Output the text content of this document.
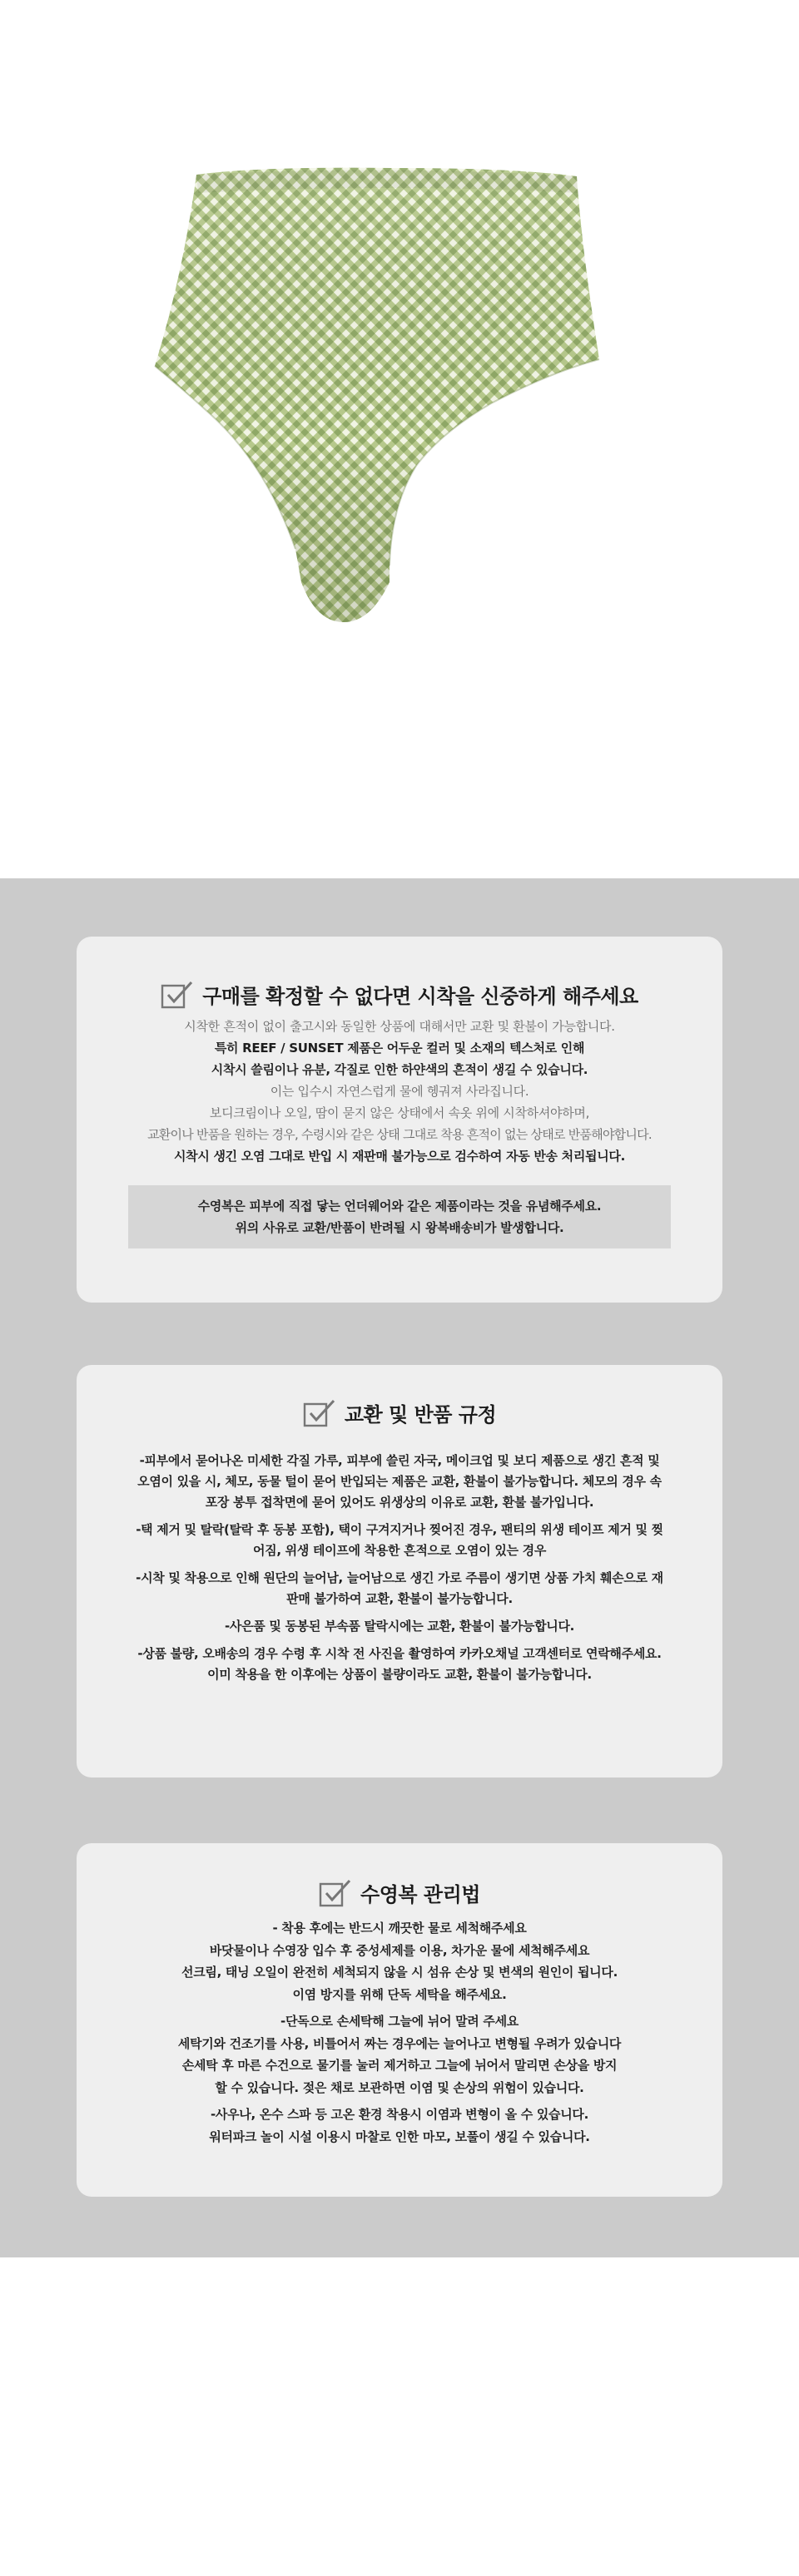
구매를 확정할 수 없다면 시착을 신중하게 해주세요
시착한 흔적이 없이 출고시와 동일한 상품에 대해서만 교환 및 환불이 가능합니다.
특히 REEF / SUNSET 제품은 어두운 컬러 및 소재의 텍스처로 인해
시착시 쓸림이나 유분, 각질로 인한 하얀색의 흔적이 생길 수 있습니다.
이는 입수시 자연스럽게 물에 헹궈져 사라집니다.
보디크림이나 오일, 땀이 묻지 않은 상태에서 속옷 위에 시착하셔야하며,
교환이나 반품을 원하는 경우, 수령시와 같은 상태 그대로 착용 흔적이 없는 상태로 반품해야합니다.
시착시 생긴 오염 그대로 반입 시 재판매 불가능으로 검수하여 자동 반송 처리됩니다.
수영복은 피부에 직접 닿는 언더웨어와 같은 제품이라는 것을 유념해주세요.
위의 사유로 교환/반품이 반려될 시 왕복배송비가 발생합니다.
교환 및 반품 규정
-피부에서 묻어나온 미세한 각질 가루, 피부에 쓸린 자국, 메이크업 및 보디 제품으로 생긴 흔적 및 오염이 있을 시, 체모, 동물 털이 묻어 반입되는 제품은 교환, 환불이 불가능합니다. 체모의 경우 속 포장 봉투 접착면에 묻어 있어도 위생상의 이유로 교환, 환불 불가입니다.
-택 제거 및 탈락(탈락 후 동봉 포함), 택이 구겨지거나 찢어진 경우, 팬티의 위생 테이프 제거 및 찢어짐, 위생 테이프에 착용한 흔적으로 오염이 있는 경우
-시착 및 착용으로 인해 원단의 늘어남, 늘어남으로 생긴 가로 주름이 생기면 상품 가치 훼손으로 재판매 불가하여 교환, 환불이 불가능합니다.
-사은품 및 동봉된 부속품 탈락시에는 교환, 환불이 불가능합니다.
-상품 불량, 오배송의 경우 수령 후 시착 전 사진을 촬영하여 카카오채널 고객센터로 연락해주세요. 이미 착용을 한 이후에는 상품이 불량이라도 교환, 환불이 불가능합니다.
수영복 관리법
- 착용 후에는 반드시 깨끗한 물로 세척해주세요
바닷물이나 수영장 입수 후 중성세제를 이용, 차가운 물에 세척해주세요
선크림, 태닝 오일이 완전히 세척되지 않을 시 섬유 손상 및 변색의 원인이 됩니다.
이염 방지를 위해 단독 세탁을 해주세요.
-단독으로 손세탁해 그늘에 뉘어 말려 주세요
세탁기와 건조기를 사용, 비틀어서 짜는 경우에는 늘어나고 변형될 우려가 있습니다
손세탁 후 마른 수건으로 물기를 눌러 제거하고 그늘에 뉘어서 말리면 손상을 방지
할 수 있습니다. 젖은 채로 보관하면 이염 및 손상의 위험이 있습니다.
-사우나, 온수 스파 등 고온 환경 착용시 이염과 변형이 올 수 있습니다.
워터파크 놀이 시설 이용시 마찰로 인한 마모, 보풀이 생길 수 있습니다.
